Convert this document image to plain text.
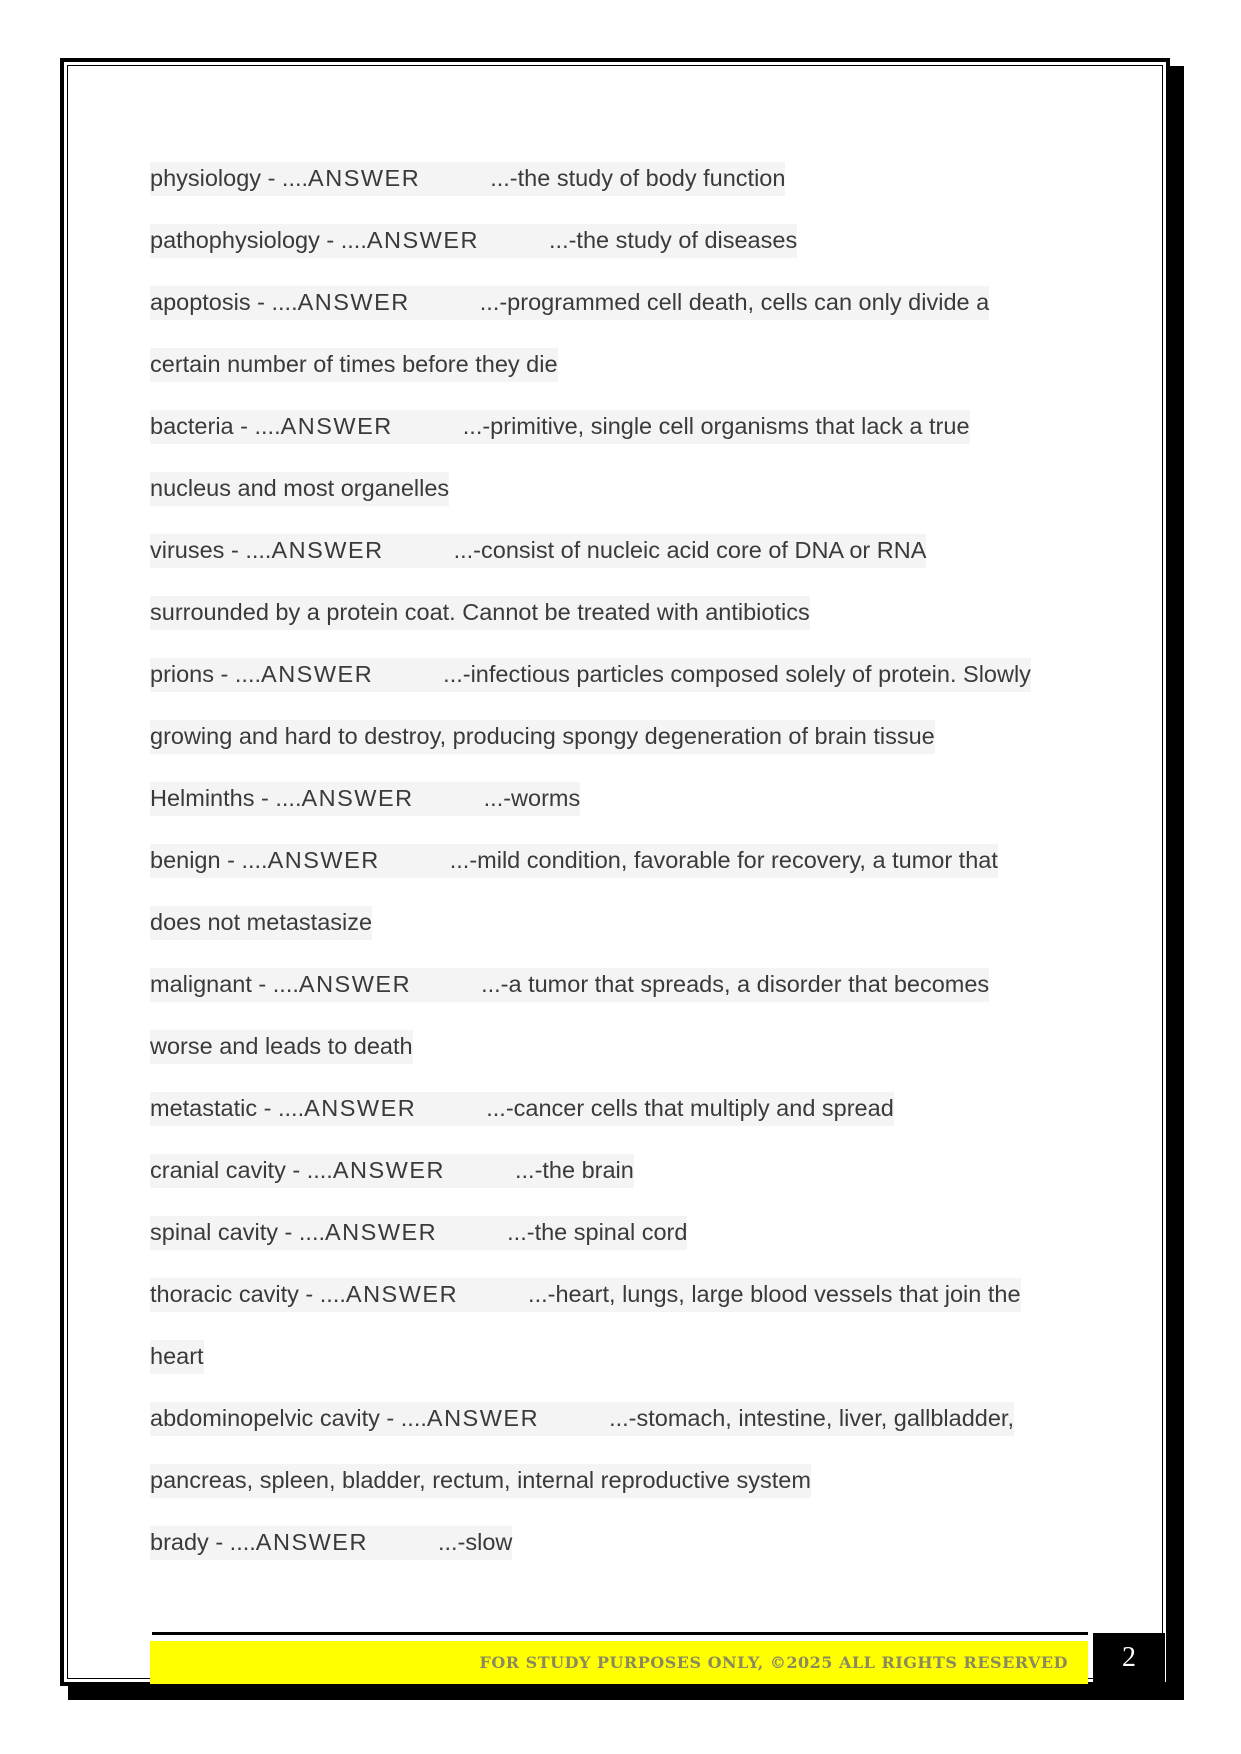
physiology - ....ANSWER	...-the study of body function
pathophysiology - ....ANSWER	...-the study of diseases
apoptosis - ....ANSWER	...-programmed cell death, cells can only divide a
certain number of times before they die
bacteria - ....ANSWER	...-primitive, single cell organisms that lack a true
nucleus and most organelles
viruses - ....ANSWER	...-consist of nucleic acid core of DNA or RNA
surrounded by a protein coat. Cannot be treated with antibiotics
prions - ....ANSWER	...-infectious particles composed solely of protein. Slowly
growing and hard to destroy, producing spongy degeneration of brain tissue
Helminths - ....ANSWER	...-worms
benign - ....ANSWER	...-mild condition, favorable for recovery, a tumor that
does not metastasize
malignant - ....ANSWER	...-a tumor that spreads, a disorder that becomes
worse and leads to death
metastatic - ....ANSWER	...-cancer cells that multiply and spread
cranial cavity - ....ANSWER	...-the brain
spinal cavity - ....ANSWER	...-the spinal cord
thoracic cavity - ....ANSWER	...-heart, lungs, large blood vessels that join the
heart
abdominopelvic cavity - ....ANSWER	...-stomach, intestine, liver, gallbladder,
pancreas, spleen, bladder, rectum, internal reproductive system
brady - ....ANSWER	...-slow
FOR STUDY PURPOSES ONLY, ©2025 ALL RIGHTS RESERVED	2
